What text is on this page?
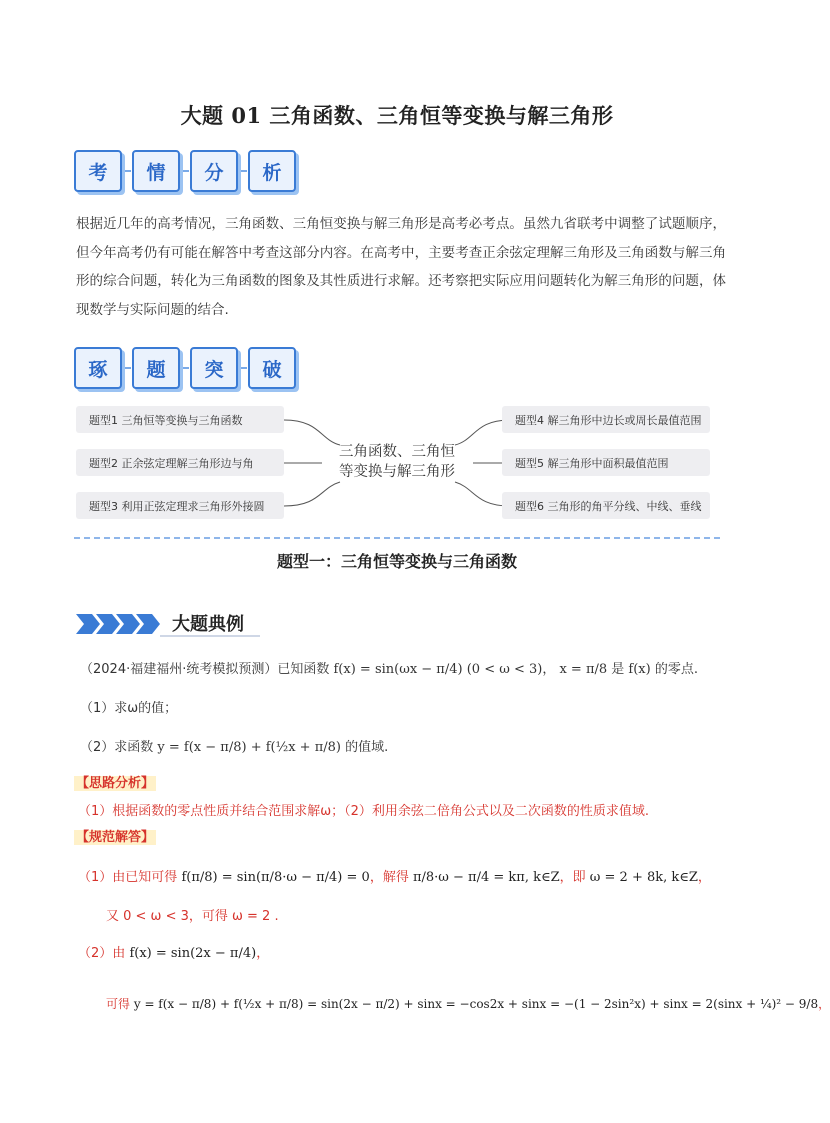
大题 01 三角函数、三角恒等变换与解三角形
考	情	分	析
根据近几年的高考情况，三角函数、三角恒变换与解三角形是高考必考点。虽然九省联考中调整了试题顺序，但今年高考仍有可能在解答中考查这部分内容。在高考中，主要考查正余弦定理解三角形及三角函数与解三角形的综合问题，转化为三角函数的图象及其性质进行求解。还考察把实际应用问题转化为解三角形的问题，体现数学与实际问题的结合.
琢	题	突	破
题型1 三角恒等变换与三角函数
题型2 正余弦定理解三角形边与角
题型3 利用正弦定理求三角形外接圆
题型4 解三角形中边长或周长最值范围
题型5 解三角形中面积最值范围
题型6 三角形的角平分线、中线、垂线
三角函数、三角恒
等变换与解三角形
题型一：三角恒等变换与三角函数
大题典例
（2024·福建福州·统考模拟预测）已知函数 f(x) = sin(ωx − π/4) (0 < ω < 3)， x = π/8 是 f(x) 的零点.
（1）求ω的值；
（2）求函数 y = f(x − π/8) + f(½x + π/8) 的值域.
【思路分析】
（1）根据函数的零点性质并结合范围求解ω；（2）利用余弦二倍角公式以及二次函数的性质求值域.
【规范解答】
（1）由已知可得 f(π/8) = sin(π/8·ω − π/4) = 0，解得 π/8·ω − π/4 = kπ, k∈Z，即 ω = 2 + 8k, k∈Z，
又 0 < ω < 3，可得 ω = 2 .
（2）由 f(x) = sin(2x − π/4)，
可得 y = f(x − π/8) + f(½x + π/8) = sin(2x − π/2) + sinx = −cos2x + sinx = −(1 − 2sin²x) + sinx = 2(sinx + ¼)² − 9/8，
